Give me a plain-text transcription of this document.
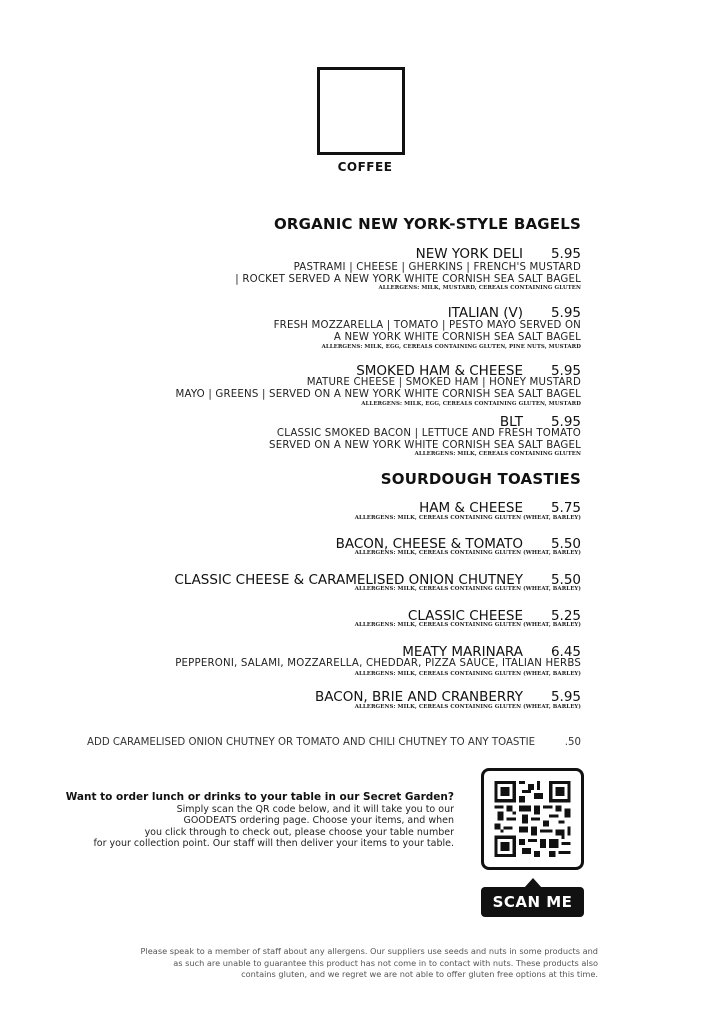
COFFEE
ORGANIC NEW YORK-STYLE BAGELS
NEW YORK DELI	5.95
PASTRAMI | CHEESE | GHERKINS | FRENCH'S MUSTARD
| ROCKET SERVED A NEW YORK WHITE CORNISH SEA SALT BAGEL
ALLERGENS: MILK, MUSTARD, CEREALS CONTAINING GLUTEN
ITALIAN (V)	5.95
FRESH MOZZARELLA | TOMATO | PESTO MAYO SERVED ON
A NEW YORK WHITE CORNISH SEA SALT BAGEL
ALLERGENS: MILK, EGG, CEREALS CONTAINING GLUTEN, PINE NUTS, MUSTARD
SMOKED HAM & CHEESE	5.95
MATURE CHEESE | SMOKED HAM | HONEY MUSTARD
MAYO | GREENS | SERVED ON A NEW YORK WHITE CORNISH SEA SALT BAGEL
ALLERGENS: MILK, EGG, CEREALS CONTAINING GLUTEN, MUSTARD
BLT	5.95
CLASSIC SMOKED BACON | LETTUCE AND FRESH TOMATO
SERVED ON A NEW YORK WHITE CORNISH SEA SALT BAGEL
ALLERGENS: MILK, CEREALS CONTAINING GLUTEN
SOURDOUGH TOASTIES
HAM & CHEESE	5.75
ALLERGENS: MILK, CEREALS CONTAINING GLUTEN (WHEAT, BARLEY)
BACON, CHEESE & TOMATO	5.50
ALLERGENS: MILK, CEREALS CONTAINING GLUTEN (WHEAT, BARLEY)
CLASSIC CHEESE & CARAMELISED ONION CHUTNEY	5.50
ALLERGENS: MILK, CEREALS CONTAINING GLUTEN (WHEAT, BARLEY)
CLASSIC CHEESE	5.25
ALLERGENS: MILK, CEREALS CONTAINING GLUTEN (WHEAT, BARLEY)
MEATY MARINARA	6.45
PEPPERONI, SALAMI, MOZZARELLA, CHEDDAR, PIZZA SAUCE, ITALIAN HERBS
ALLERGENS: MILK, CEREALS CONTAINING GLUTEN (WHEAT, BARLEY)
BACON, BRIE AND CRANBERRY	5.95
ALLERGENS: MILK, CEREALS CONTAINING GLUTEN (WHEAT, BARLEY)
ADD CARAMELISED ONION CHUTNEY OR TOMATO AND CHILI CHUTNEY TO ANY TOASTIE	.50
Want to order lunch or drinks to your table in our Secret Garden?
Simply scan the QR code below, and it will take you to our
GOODEATS ordering page. Choose your items, and when
you click through to check out, please choose your table number
for your collection point. Our staff will then deliver your items to your table.
SCAN ME
Please speak to a member of staff about any allergens. Our suppliers use seeds and nuts in some products and
as such are unable to guarantee this product has not come in to contact with nuts. These products also
contains gluten, and we regret we are not able to offer gluten free options at this time.
